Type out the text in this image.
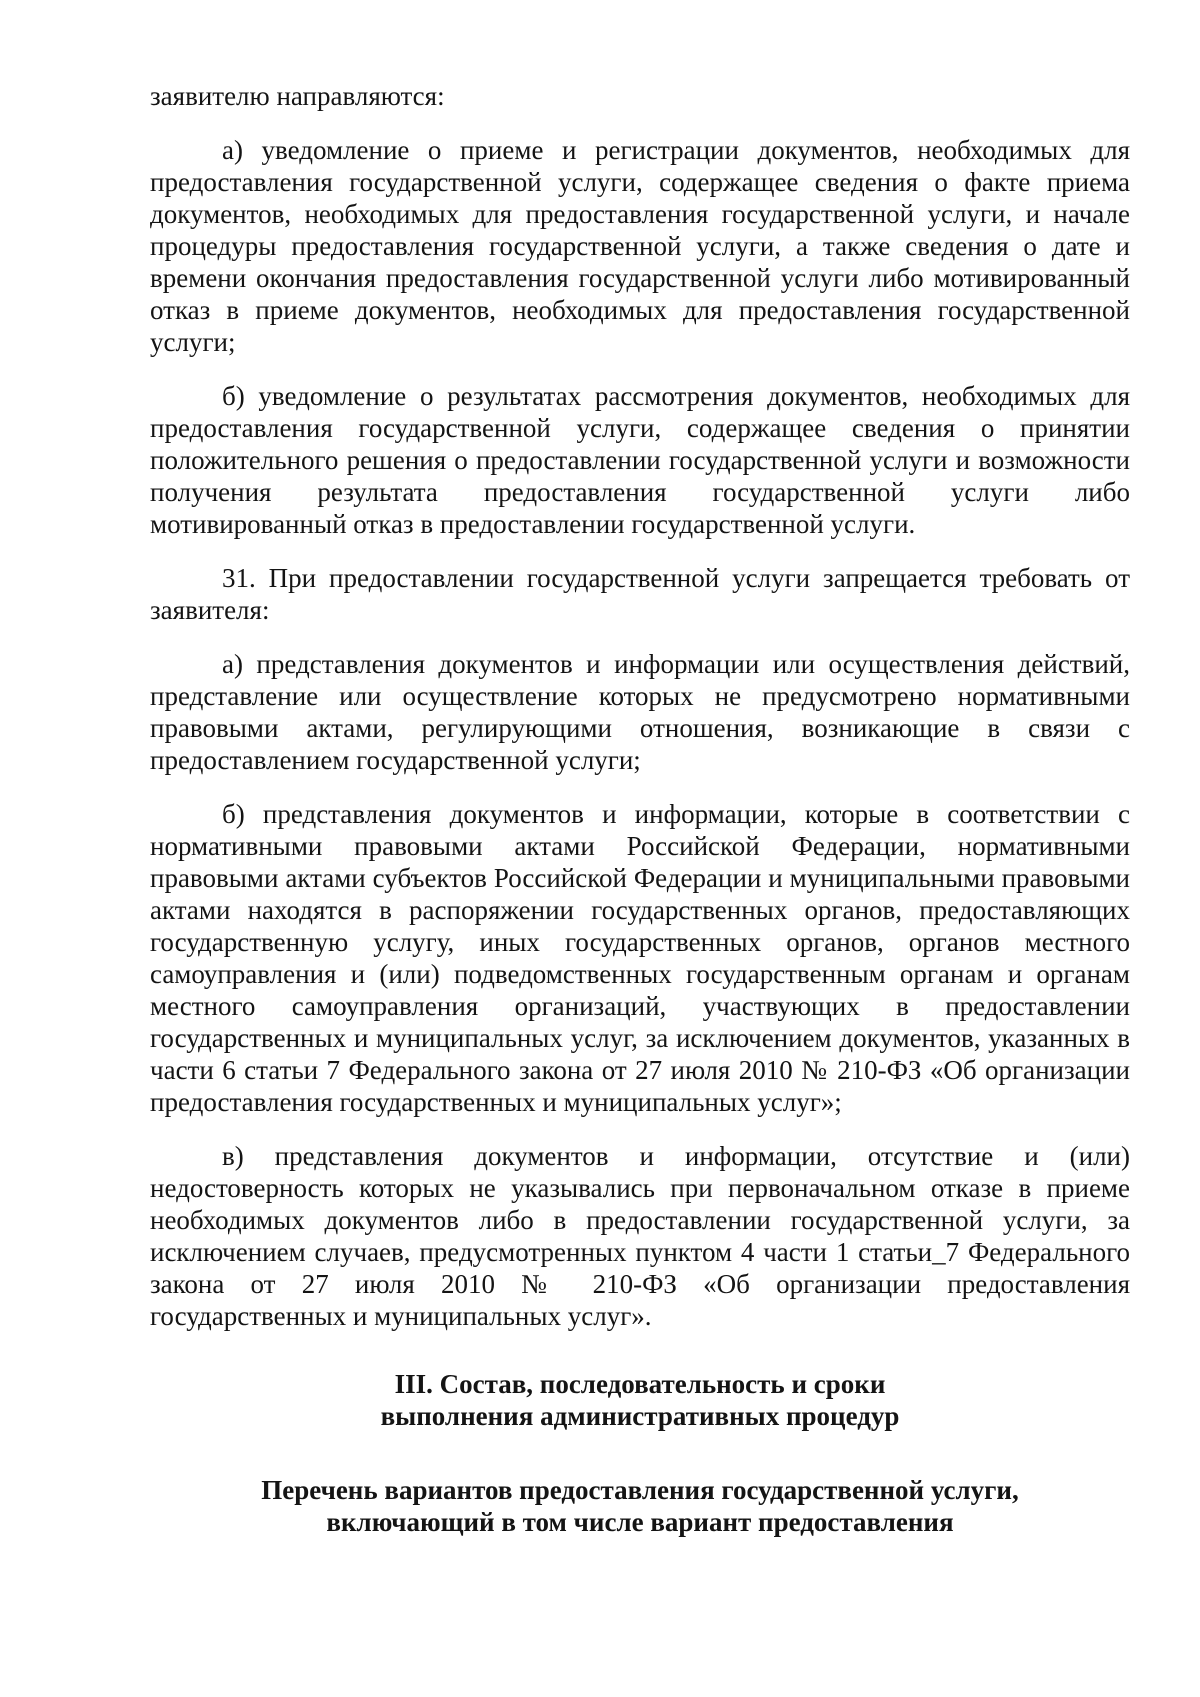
заявителю направляются:

а) уведомление о приеме и регистрации документов, необходимых для предоставления государственной услуги, содержащее сведения о факте приема документов, необходимых для предоставления государственной услуги, и начале процедуры предоставления государственной услуги, а также сведения о дате и времени окончания предоставления государственной услуги либо мотивированный отказ в приеме документов, необходимых для предоставления государственной услуги;

б) уведомление о результатах рассмотрения документов, необходимых для предоставления государственной услуги, содержащее сведения о принятии положительного решения о предоставлении государственной услуги и возможности получения результата предоставления государственной услуги либо мотивированный отказ в предоставлении государственной услуги.

31. При предоставлении государственной услуги запрещается требовать от заявителя:

а) представления документов и информации или осуществления действий, представление или осуществление которых не предусмотрено нормативными правовыми актами, регулирующими отношения, возникающие в связи с предоставлением государственной услуги;

б) представления документов и информации, которые в соответствии с нормативными правовыми актами Российской Федерации, нормативными правовыми актами субъектов Российской Федерации и муниципальными правовыми актами находятся в распоряжении государственных органов, предоставляющих государственную услугу, иных государственных органов, органов местного самоуправления и (или) подведомственных государственным органам и органам местного самоуправления организаций, участвующих в предоставлении государственных и муниципальных услуг, за исключением документов, указанных в части 6 статьи 7 Федерального закона от 27 июля 2010 № 210-ФЗ «Об организации предоставления государственных и муниципальных услуг»;

в) представления документов и информации, отсутствие и (или) недостоверность которых не указывались при первоначальном отказе в приеме необходимых документов либо в предоставлении государственной услуги, за исключением случаев, предусмотренных пунктом 4 части 1 статьи_7 Федерального закона от 27 июля 2010 № 210-ФЗ «Об организации предоставления государственных и муниципальных услуг».

III. Состав, последовательность и сроки
выполнения административных процедур
Перечень вариантов предоставления государственной услуги,
включающий в том числе вариант предоставления
